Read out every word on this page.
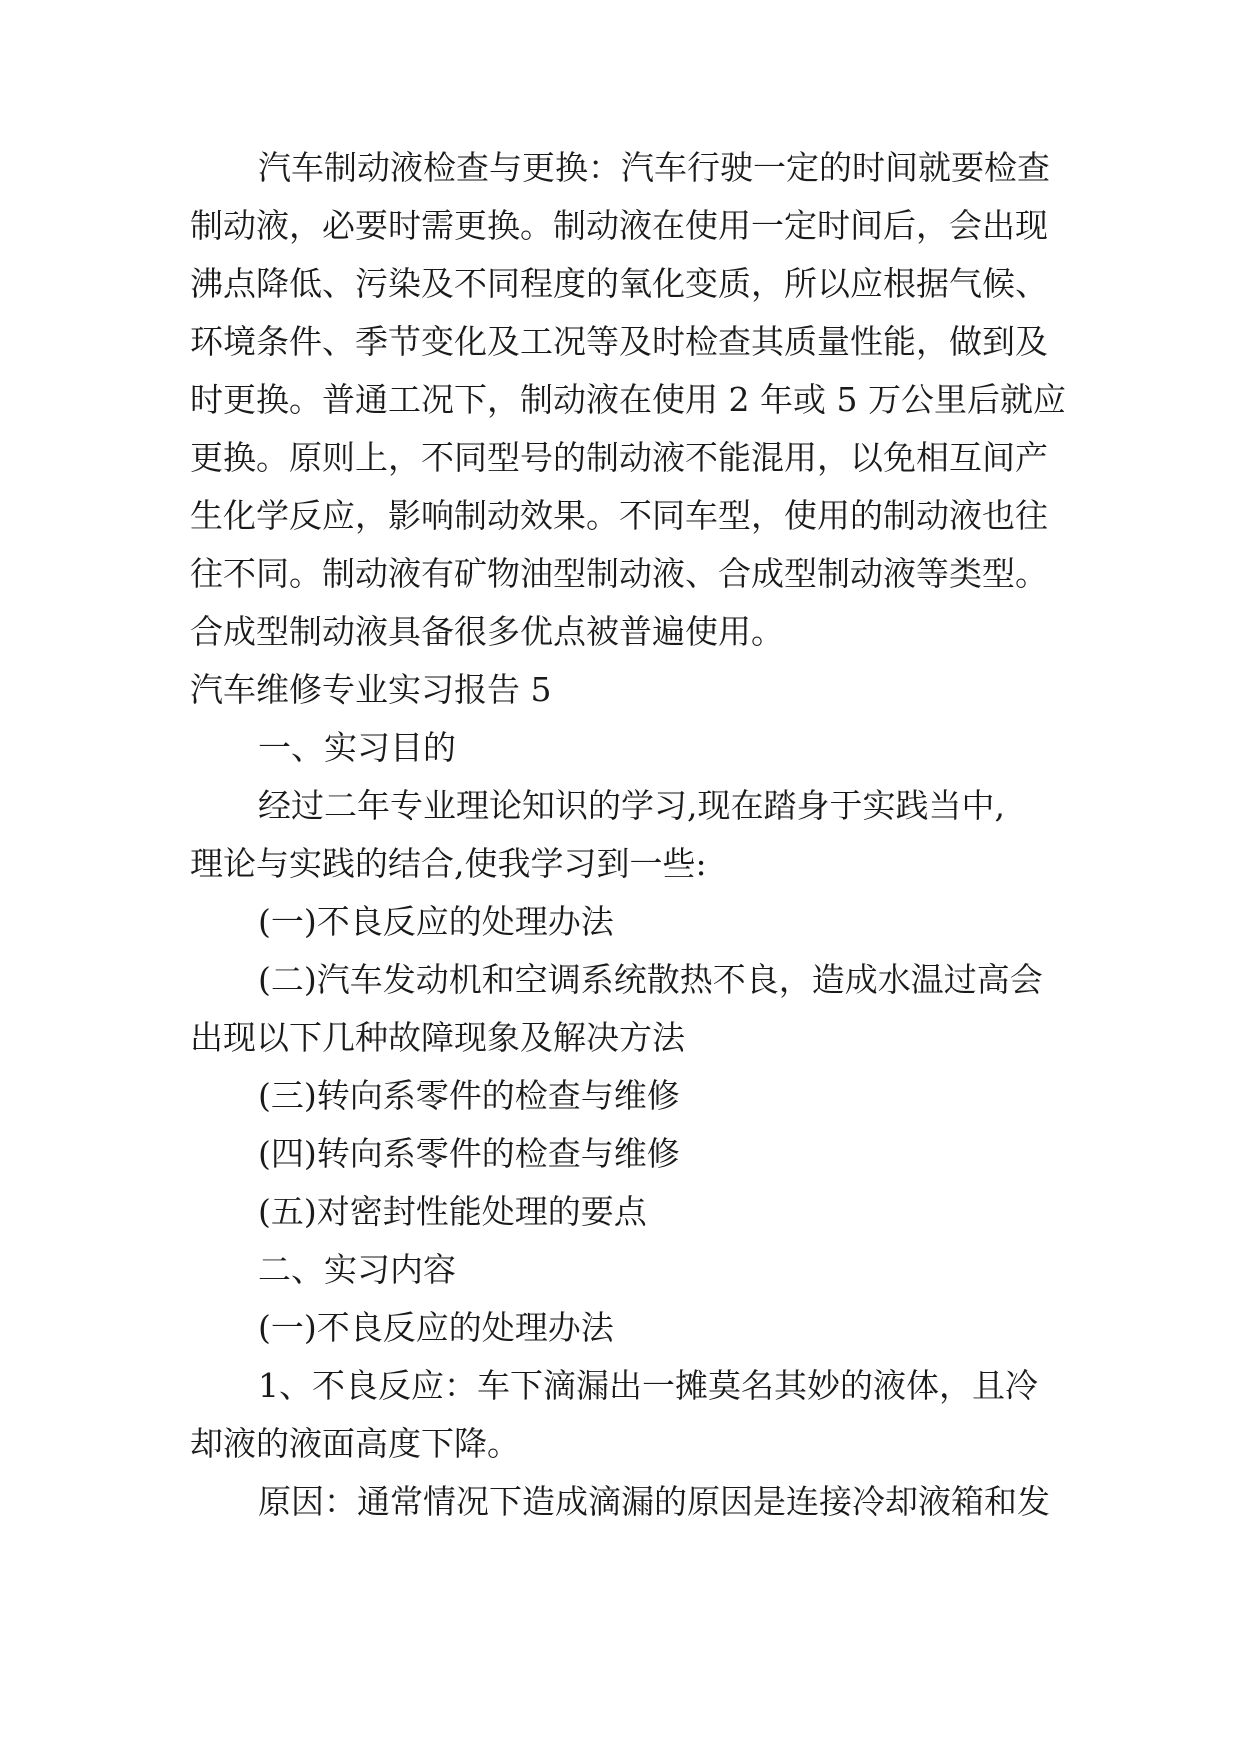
汽车制动液检查与更换：汽车行驶一定的时间就要检查
制动液，必要时需更换。制动液在使用一定时间后，会出现
沸点降低、污染及不同程度的氧化变质，所以应根据气候、
环境条件、季节变化及工况等及时检查其质量性能，做到及
时更换。普通工况下，制动液在使用 2 年或 5 万公里后就应
更换。原则上，不同型号的制动液不能混用，以免相互间产
生化学反应，影响制动效果。不同车型，使用的制动液也往
往不同。制动液有矿物油型制动液、合成型制动液等类型。
合成型制动液具备很多优点被普遍使用。
汽车维修专业实习报告 5
一、实习目的
经过二年专业理论知识的学习,现在踏身于实践当中,
理论与实践的结合,使我学习到一些:
(一)不良反应的处理办法
(二)汽车发动机和空调系统散热不良，造成水温过高会
出现以下几种故障现象及解决方法
(三)转向系零件的检查与维修
(四)转向系零件的检查与维修
(五)对密封性能处理的要点
二、实习内容
(一)不良反应的处理办法
1、不良反应：车下滴漏出一摊莫名其妙的液体，且冷
却液的液面高度下降。
原因：通常情况下造成滴漏的原因是连接冷却液箱和发
